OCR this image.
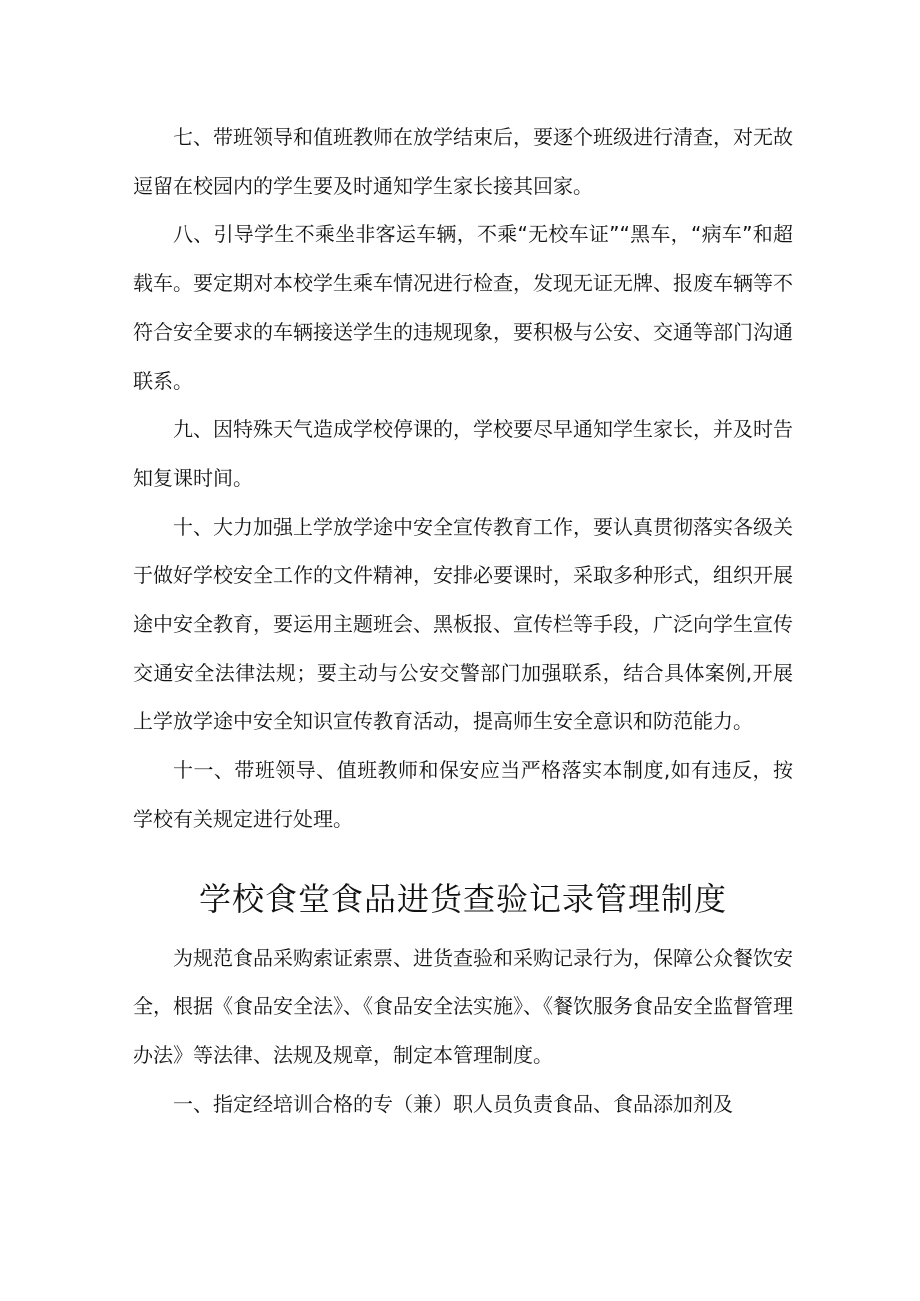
七、带班领导和值班教师在放学结束后，要逐个班级进行清查，对无故逗留在校园内的学生要及时通知学生家长接其回家。

八、引导学生不乘坐非客运车辆，不乘“无校车证”“黑车，“病车”和超载车。要定期对本校学生乘车情况进行检查，发现无证无牌、报废车辆等不符合安全要求的车辆接送学生的违规现象，要积极与公安、交通等部门沟通联系。

九、因特殊天气造成学校停课的，学校要尽早通知学生家长，并及时告知复课时间。

十、大力加强上学放学途中安全宣传教育工作，要认真贯彻落实各级关于做好学校安全工作的文件精神，安排必要课时，采取多种形式，组织开展途中安全教育，要运用主题班会、黑板报、宣传栏等手段，广泛向学生宣传交通安全法律法规；要主动与公安交警部门加强联系，结合具体案例,开展上学放学途中安全知识宣传教育活动，提高师生安全意识和防范能力。

十一、带班领导、值班教师和保安应当严格落实本制度,如有违反，按学校有关规定进行处理。

学校食堂食品进货查验记录管理制度

为规范食品采购索证索票、进货查验和采购记录行为，保障公众餐饮安全，根据《食品安全法》、《食品安全法实施》、《餐饮服务食品安全监督管理办法》等法律、法规及规章，制定本管理制度。

一、指定经培训合格的专（兼）职人员负责食品、食品添加剂及
